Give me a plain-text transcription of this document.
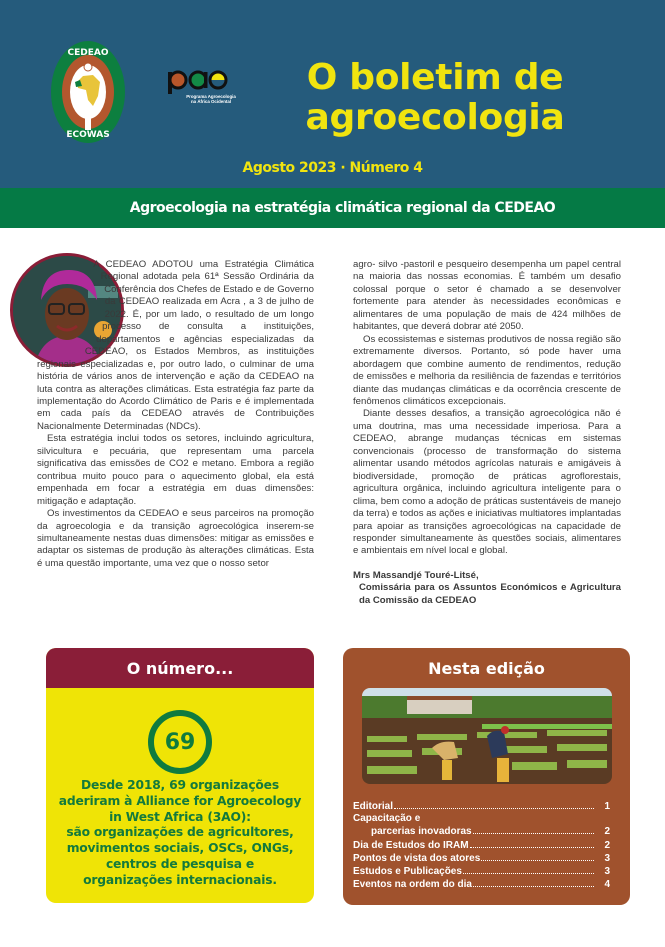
CEDEAO
ECOWAS
Programa Agroecologia
na África Ocidental
O boletim de
agroecologia
Agosto 2023 · Número 4
Agroecologia na estratégia climática regional da CEDEAO

A CEDEAO ADOTOU uma Estratégia Climática Regional adotada pela 61ª Sessão Ordinária da Conferência dos Chefes de Estado e de Governo da CEDEAO realizada em Acra , a 3 de julho de 2022. É, por um lado, o resultado de um longo processo de consulta a instituições, departamentos e agências especializadas da CEDEAO, os Estados Membros, as instituições regionais especializadas e, por outro lado, o culminar de uma história de vários anos de intervenção e ação da CEDEAO na luta contra as alterações climáticas. Esta estratégia faz parte da implementação do Acordo Climático de Paris e é implementada em cada país da CEDEAO através de Contribuições Nacionalmente Determinadas (NDCs).

Esta estratégia inclui todos os setores, incluindo agricultura, silvicultura e pecuária, que representam uma parcela significativa das emissões de CO2 e metano. Embora a região contribua muito pouco para o aquecimento global, ela está empenhada em focar a estratégia em duas dimensões: mitigação e adaptação.

Os investimentos da CEDEAO e seus parceiros na promoção da agroecologia e da transição agroecológica inserem-se simultaneamente nestas duas dimensões: mitigar as emissões e adaptar os sistemas de produção às alterações climáticas. Esta é uma questão importante, uma vez que o nosso setor

agro- silvo -pastoril e pesqueiro desempenha um papel central na maioria das nossas economias. É também um desafio colossal porque o setor é chamado a se desenvolver fortemente para atender às necessidades econômicas e alimentares de uma população de mais de 424 milhões de habitantes, que deverá dobrar até 2050.

Os ecossistemas e sistemas produtivos de nossa região são extremamente diversos. Portanto, só pode haver uma abordagem que combine aumento de rendimentos, redução de emissões e melhoria da resiliência de fazendas e territórios diante das mudanças climáticas e da ocorrência crescente de fenômenos climáticos excepcionais.

Diante desses desafios, a transição agroecológica não é uma doutrina, mas uma necessidade imperiosa. Para a CEDEAO, abrange mudanças técnicas em sistemas convencionais (processo de transformação do sistema alimentar usando métodos agrícolas naturais e amigáveis à biodiversidade, promoção de práticas agroflorestais, agricultura orgânica, incluindo agricultura inteligente para o clima, bem como a adoção de práticas sustentáveis de manejo da terra) e todos as ações e iniciativas multiatores implantadas para apoiar as transições agroecológicas na capacidade de responder simultaneamente às questões sociais, alimentares e ambientais em nível local e global.

Mrs Massandjé Touré-Litsé,
Comissária para os Assuntos Económicos e Agricultura da Comissão da CEDEAO
O número...
69
Desde 2018, 69 organizações
aderiram à Alliance for Agroecology
in West Africa (3AO):
são organizações de agricultores,
movimentos sociais, OSCs, ONGs,
centros de pesquisa e
organizações internacionais.
Nesta edição
Editorial	1
Capacitação e
parcerias inovadoras	2
Dia de Estudos do IRAM	2
Pontos de vista dos atores	3
Estudos e Publicações	3
Eventos na ordem do dia	4
